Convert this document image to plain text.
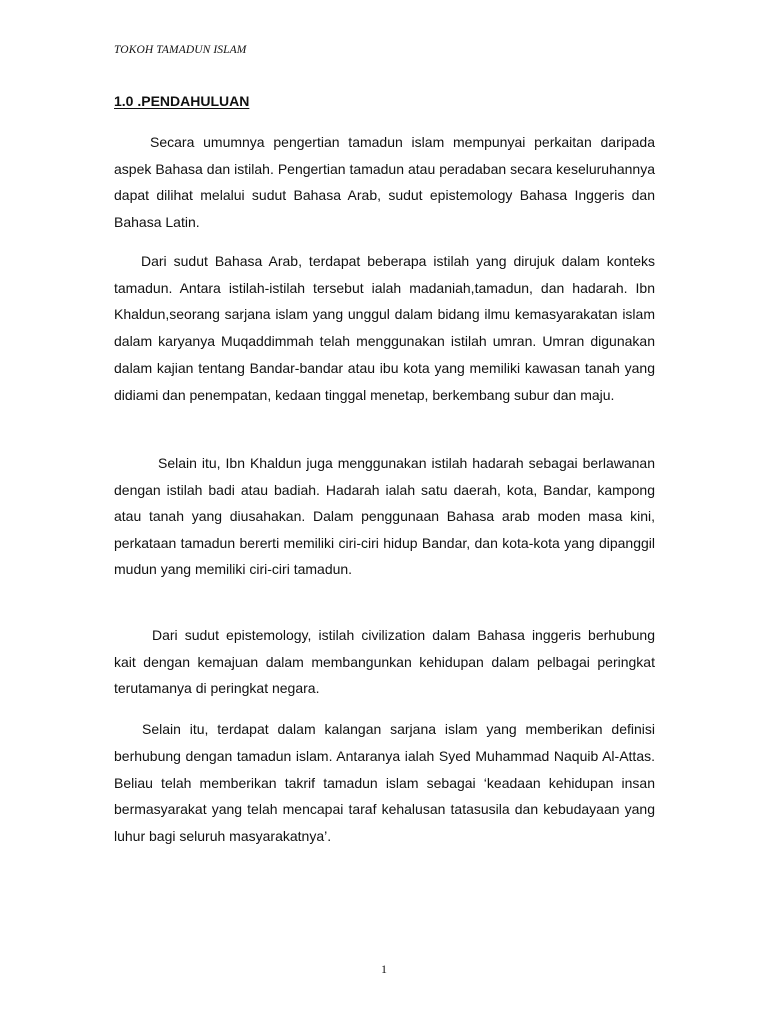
TOKOH TAMADUN ISLAM
1.0 .PENDAHULUAN

Secara umumnya pengertian tamadun islam mempunyai perkaitan daripada aspek Bahasa dan istilah. Pengertian tamadun atau peradaban secara keseluruhannya dapat dilihat melalui sudut Bahasa Arab, sudut epistemology Bahasa Inggeris dan Bahasa Latin.

Dari sudut Bahasa Arab, terdapat beberapa istilah yang dirujuk dalam konteks tamadun. Antara istilah-istilah tersebut ialah madaniah,tamadun, dan hadarah. Ibn Khaldun,seorang sarjana islam yang unggul dalam bidang ilmu kemasyarakatan islam dalam karyanya Muqaddimmah telah menggunakan istilah umran. Umran digunakan dalam kajian tentang Bandar-bandar atau ibu kota yang memiliki kawasan tanah yang didiami dan penempatan, kedaan tinggal menetap, berkembang subur dan maju.

Selain itu, Ibn Khaldun juga menggunakan istilah hadarah sebagai berlawanan dengan istilah badi atau badiah. Hadarah ialah satu daerah, kota, Bandar, kampong atau tanah yang diusahakan. Dalam penggunaan Bahasa arab moden masa kini, perkataan tamadun bererti memiliki ciri-ciri hidup Bandar, dan kota-kota yang dipanggil mudun yang memiliki ciri-ciri tamadun.

Dari sudut epistemology, istilah civilization dalam Bahasa inggeris berhubung kait dengan kemajuan dalam membangunkan kehidupan dalam pelbagai peringkat terutamanya di peringkat negara.

Selain itu, terdapat dalam kalangan sarjana islam yang memberikan definisi berhubung dengan tamadun islam. Antaranya ialah Syed Muhammad Naquib Al-Attas. Beliau telah memberikan takrif tamadun islam sebagai ‘keadaan kehidupan insan bermasyarakat yang telah mencapai taraf kehalusan tatasusila dan kebudayaan yang luhur bagi seluruh masyarakatnya’.

1
